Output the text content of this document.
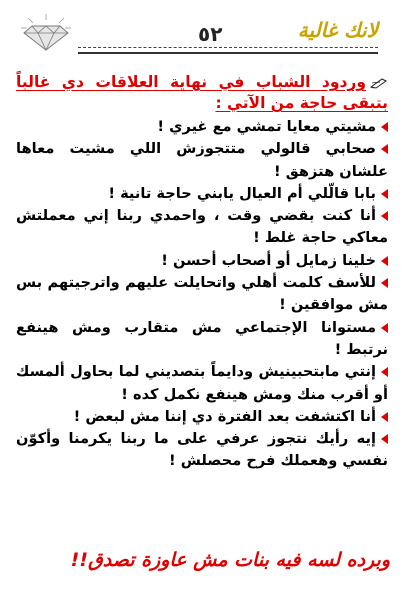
٥٢	لانك غالية

وردود الشباب في نهاية العلاقات دي غالباً بتبقى حاجة من الآتي :

مشيتي معايا تمشي مع غيري !

صحابي قالولي متتجوزش اللي مشيت معاها علشان هتزهق !

بابا قالّلي أم العيال يابني حاجة تانية !

أنا كنت بقضي وقت ، واحمدي ربنا إني معملتش معاكي حاجة غلط !

خلينا زمايل أو أصحاب أحسن !

للأسف كلمت أهلي واتحايلت عليهم واترجيتهم بس مش موافقين !

مستوانا الإجتماعي مش متقارب ومش هينفع نرتبط !

إنتي مابتحبينيش ودايماً بتصديني لما بحاول ألمسك أو أقرب منك ومش هينفع نكمل كده !

أنا اكتشفت بعد الفترة دي إننا مش لبعض !

إيه رأيك نتجوز عرفي على ما ربنا يكرمنا وأكوّن نفسي وهعملك فرح محصلش !

وبرده لسه فيه بنات مش عاوزة تصدق!!
